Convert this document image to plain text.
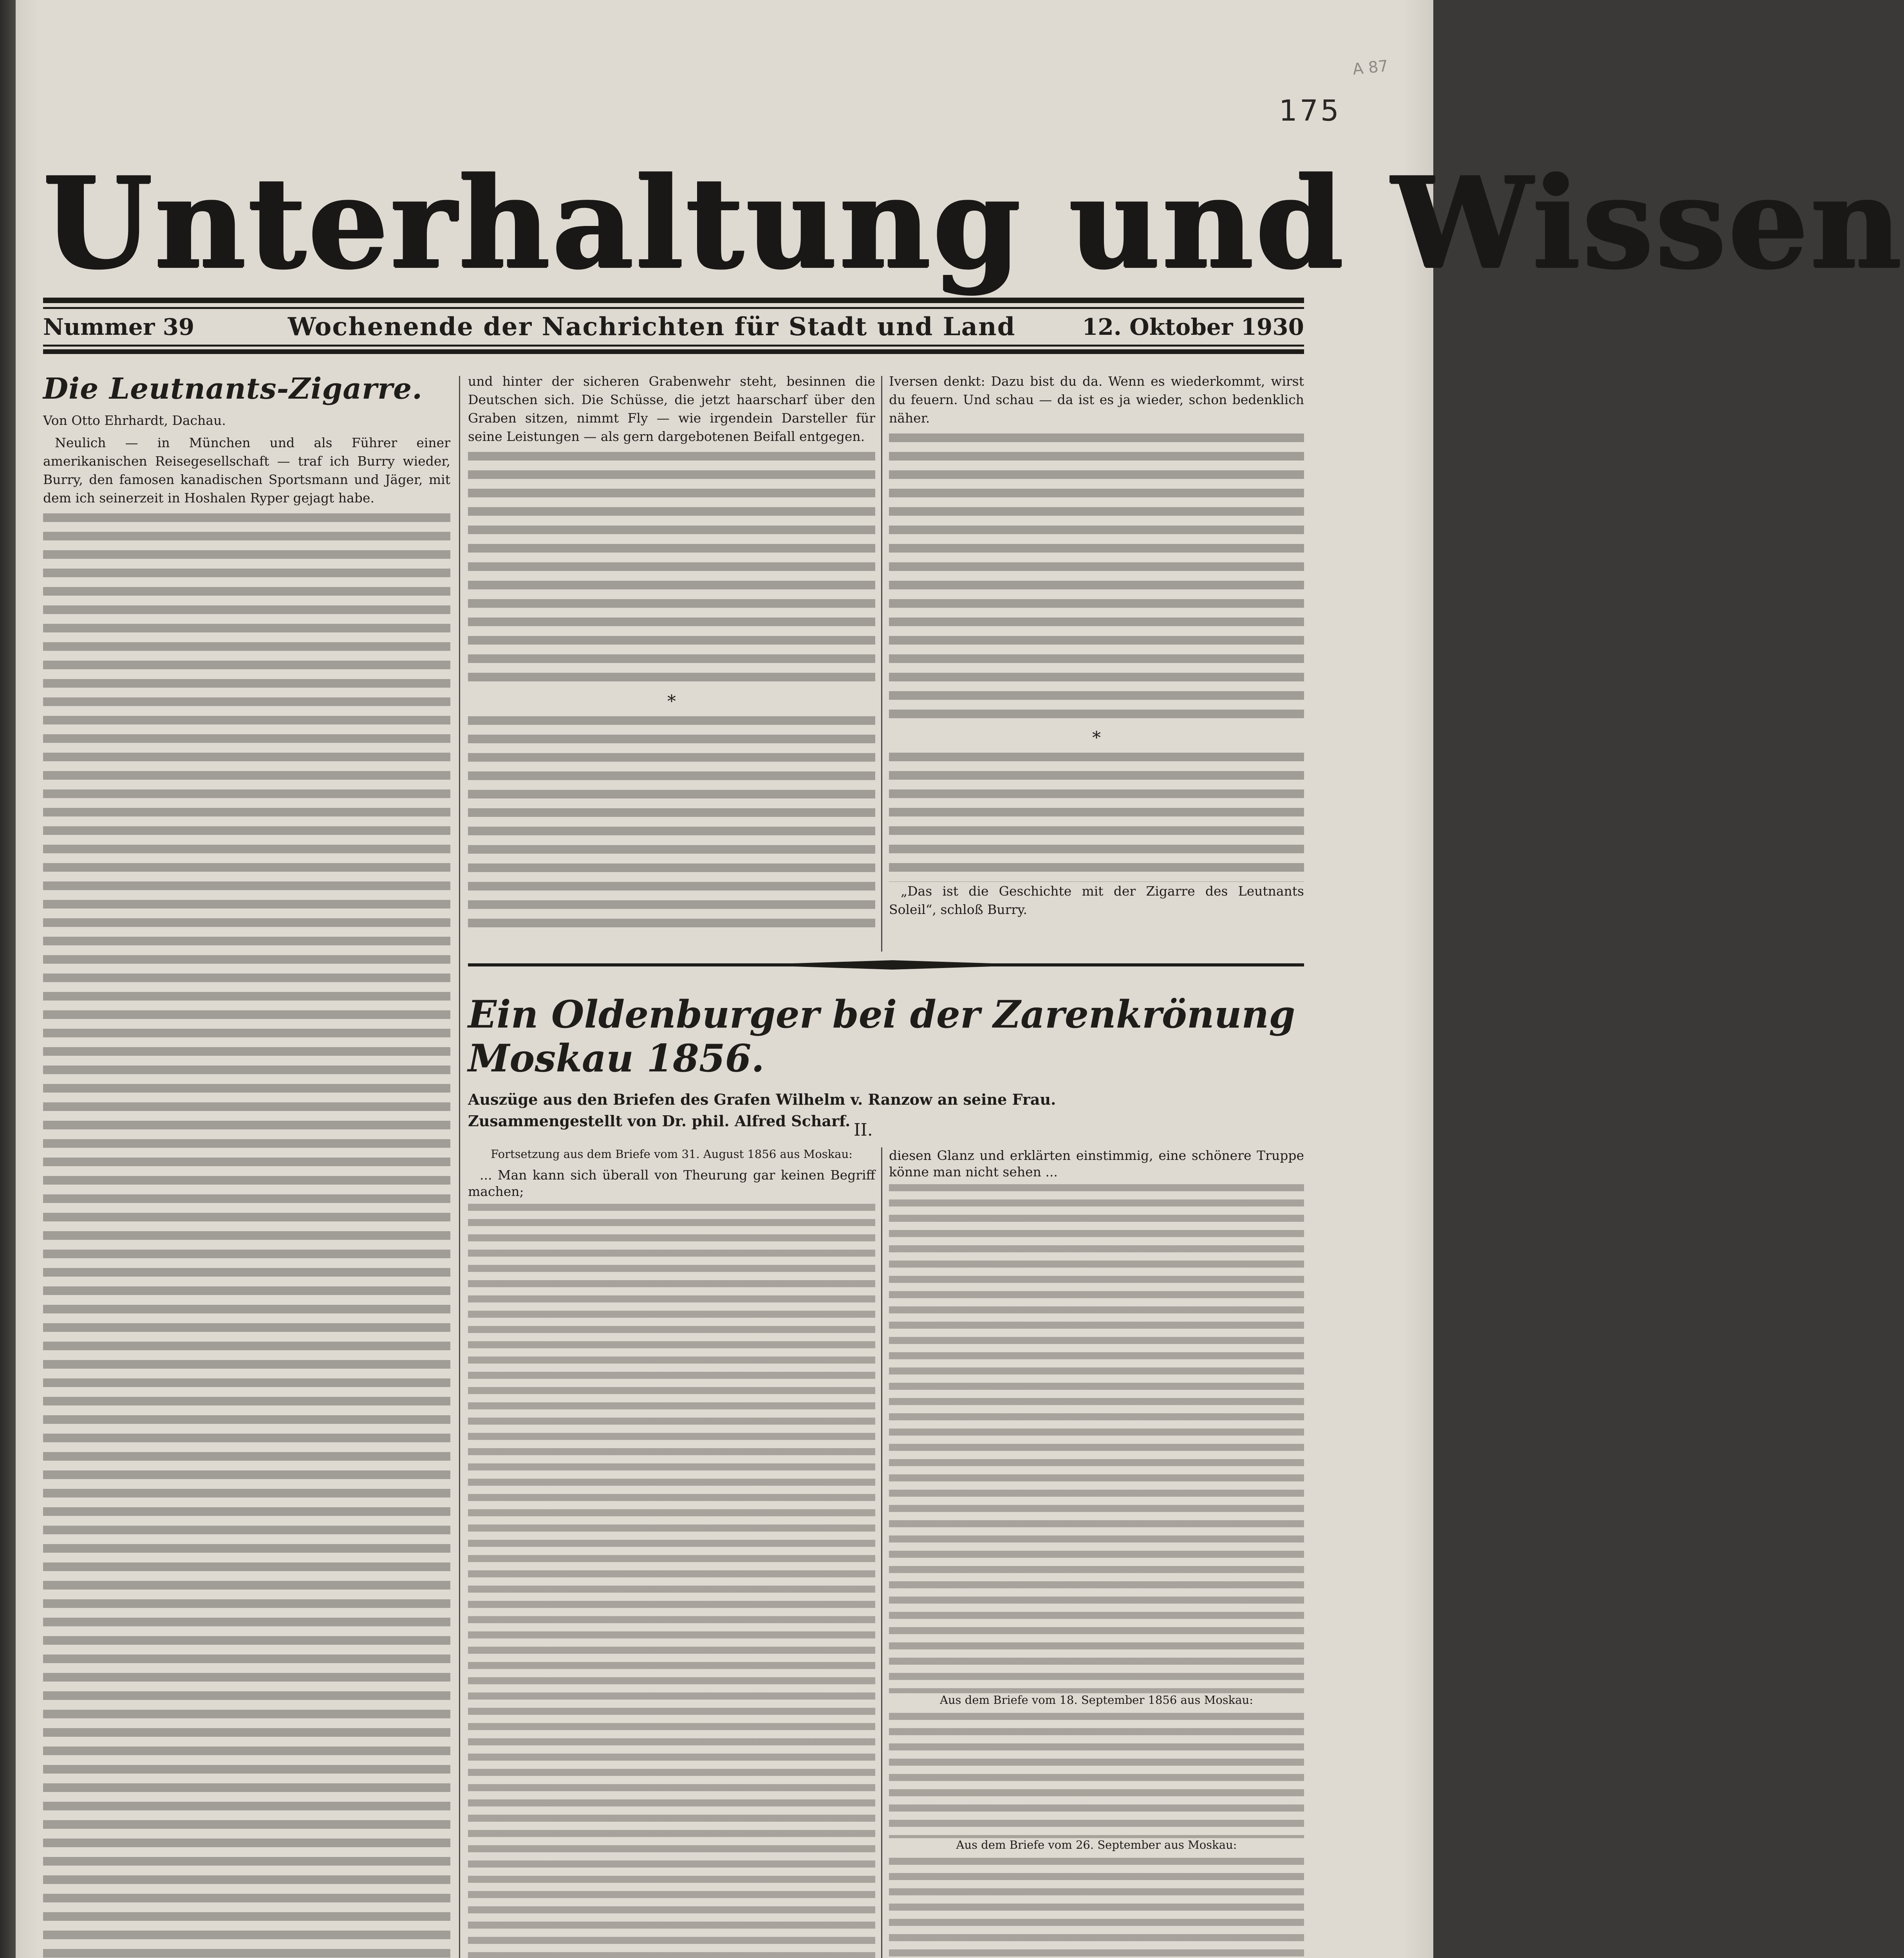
A 87
175
Unterhaltung und Wissen
Nummer 39	Wochenende der Nachrichten für Stadt und Land	12. Oktober 1930
Die Leutnants-Zigarre.

Von Otto Ehrhardt, Dachau.

Neulich — in München und als Führer einer amerikanischen Reisegesellschaft — traf ich Burry wieder, Burry, den famosen kanadischen Sportsmann und Jäger, mit dem ich seinerzeit in Hoshalen Ryper gejagt habe.

und hinter der sicheren Grabenwehr steht, besinnen die Deutschen sich. Die Schüsse, die jetzt haarscharf über den Graben sitzen, nimmt Fly — wie irgendein Darsteller für seine Leistungen — als gern dargebotenen Beifall entgegen.

*

Iversen denkt: Dazu bist du da. Wenn es wiederkommt, wirst du feuern. Und schau — da ist es ja wieder, schon bedenklich näher.

*

„Das ist die Geschichte mit der Zigarre des Leutnants Soleil“, schloß Burry.

Ein Oldenburger bei der Zarenkrönung Moskau 1856.
Auszüge aus den Briefen des Grafen Wilhelm v. Ranzow an seine Frau.
Zusammengestellt von Dr. phil. Alfred Scharf. II.

Fortsetzung aus dem Briefe vom 31. August 1856 aus Moskau:

... Man kann sich überall von Theurung gar keinen Begriff machen;

diesen Glanz und erklärten einstimmig, eine schönere Truppe könne man nicht sehen ...

Aus dem Briefe vom 18. September 1856 aus Moskau:

Aus dem Briefe vom 26. September aus Moskau:
